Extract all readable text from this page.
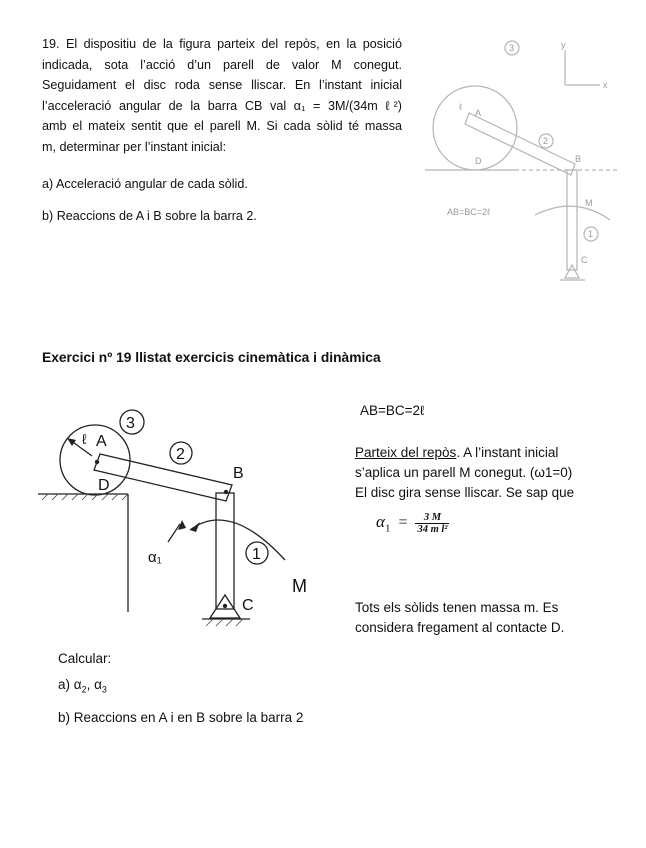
19. El dispositiu de la figura parteix del repòs, en la posició
indicada, sota l’acció d’un parell de valor M conegut.
Seguidament el disc roda sense lliscar. En l’instant inicial
l’acceleració angular de la barra CB val α₁ = 3M/(34m ℓ²)
amb el mateix sentit que el parell M. Si cada sòlid té massa
m, determinar per l’instant inicial:
a) Acceleració angular de cada sòlid.
b) Reaccions de A i B sobre la barra 2.
y
x
3
2
1
ℓ
A
B
C
D
M
AB=BC=2ℓ
Exercici nº 19 llistat exercicis cinemàtica i dinàmica
3
2
1
ℓ A
B
C
D
M
α₁
AB=BC=2ℓ
Parteix del repòs. A l’instant inicial
s’aplica un parell M conegut. (ω1=0)
El disc gira sense lliscar. Se sap que
$\alpha_1 = \frac{3 M}{\text{34 m l²}}$
Tots els sòlids tenen massa m. Es
considera fregament al contacte D.
Calcular:
a) $\alpha_2$, $\alpha_3$
b) Reaccions en A i en B sobre la barra 2
